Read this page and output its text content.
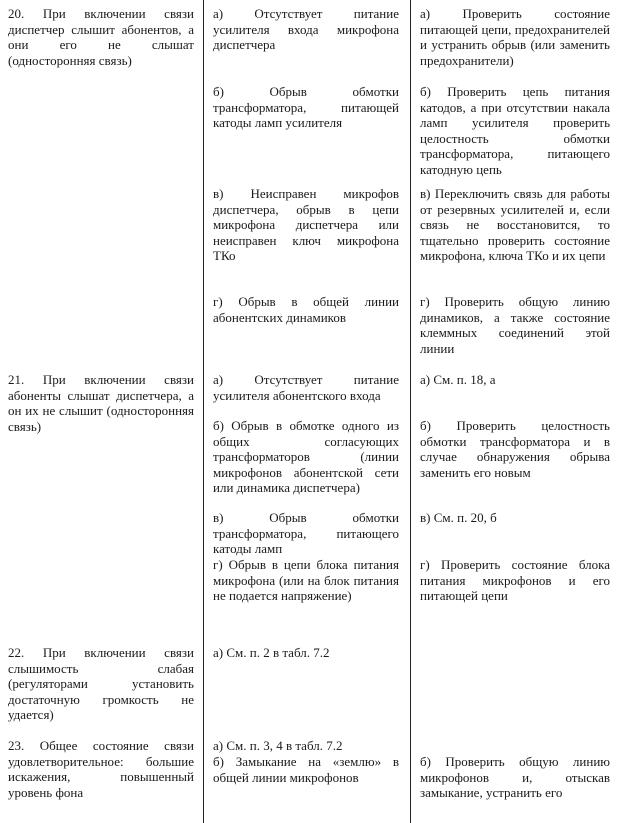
20. При включении связи диспетчер слышит абонентов, а они его не слышат (односторонняя связь)
а) Отсутствует питание усилителя входа микрофона диспетчера
б) Обрыв обмотки трансформатора, питающей катоды ламп усилителя
в) Неисправен микрофов диспетчера, обрыв в цепи микрофона диспетчера или неисправен ключ микрофона ТКо
г) Обрыв в общей линии абонентских динамиков
а) Проверить состояние питающей цепи, предохранителей и устранить обрыв (или заменить предохранители)
б) Проверить цепь питания катодов, а при отсутствии накала ламп усилителя проверить целостность обмотки трансформатора, питающего катодную цепь
в) Переключить связь для работы от резервных усилителей и, если связь не восстановится, то тщательно проверить состояние микрофона, ключа ТКо и их цепи
г) Проверить общую линию динамиков, а также состояние клеммных соединений этой линии
21. При включении связи абоненты слышат диспетчера, а он их не слышит (односторонняя связь)
а) Отсутствует питание усилителя абонентского входа
б) Обрыв в обмотке одного из общих согласующих трансформаторов (линии микрофонов абонентской сети или динамика диспетчера)
в) Обрыв обмотки трансформатора, питающего катоды ламп
г) Обрыв в цепи блока питания микрофона (или на блок питания не подается напряжение)
а) См. п. 18, а
б) Проверить целостность обмотки трансформатора и в случае обнаружения обрыва заменить его новым
в) См. п. 20, б
г) Проверить состояние блока питания микрофонов и его питающей цепи
22. При включении связи слышимость слабая (регуляторами установить достаточную громкость не удается)
а) См. п. 2 в табл. 7.2
23. Общее состояние связи удовлетворительное: большие искажения, повышенный уровень фона
а) См. п. 3, 4 в табл. 7.2
б) Замыкание на «землю» в общей линии микрофонов
б) Проверить общую линию микрофонов и, отыскав замыкание, устранить его
